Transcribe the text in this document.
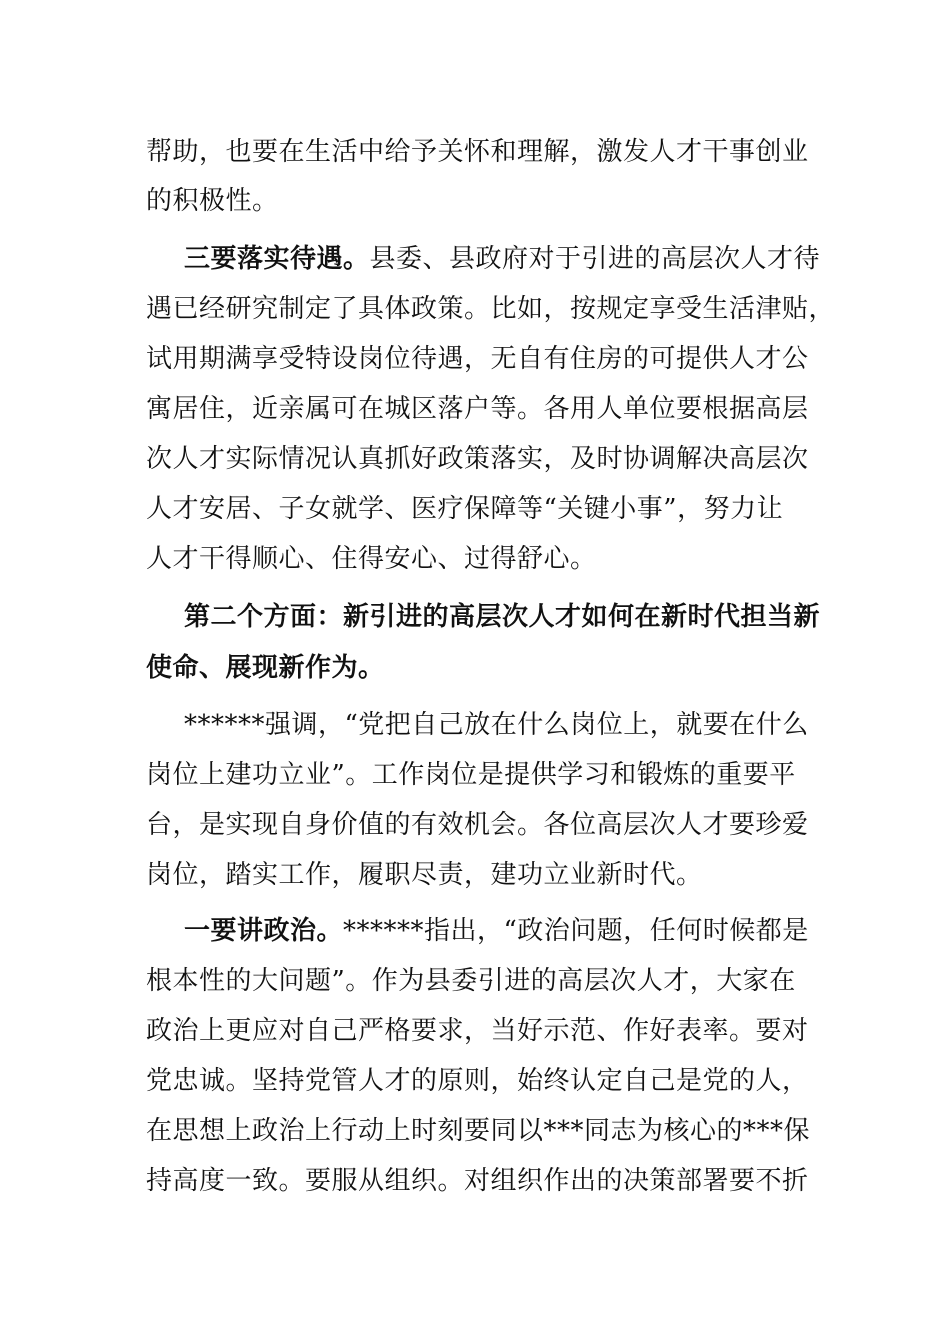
帮助，也要在生活中给予关怀和理解，激发人才干事创业
的积极性。
三要落实待遇。县委、县政府对于引进的高层次人才待
遇已经研究制定了具体政策。比如，按规定享受生活津贴，
试用期满享受特设岗位待遇，无自有住房的可提供人才公
寓居住，近亲属可在城区落户等。各用人单位要根据高层
次人才实际情况认真抓好政策落实，及时协调解决高层次
人才安居、子女就学、医疗保障等“关键小事”，努力让
人才干得顺心、住得安心、过得舒心。
第二个方面：新引进的高层次人才如何在新时代担当新
使命、展现新作为。
******强调，“党把自己放在什么岗位上，就要在什么
岗位上建功立业”。工作岗位是提供学习和锻炼的重要平
台，是实现自身价值的有效机会。各位高层次人才要珍爱
岗位，踏实工作，履职尽责，建功立业新时代。
一要讲政治。******指出，“政治问题，任何时候都是
根本性的大问题”。作为县委引进的高层次人才，大家在
政治上更应对自己严格要求，当好示范、作好表率。要对
党忠诚。坚持党管人才的原则，始终认定自己是党的人，
在思想上政治上行动上时刻要同以***同志为核心的***保
持高度一致。要服从组织。对组织作出的决策部署要不折
